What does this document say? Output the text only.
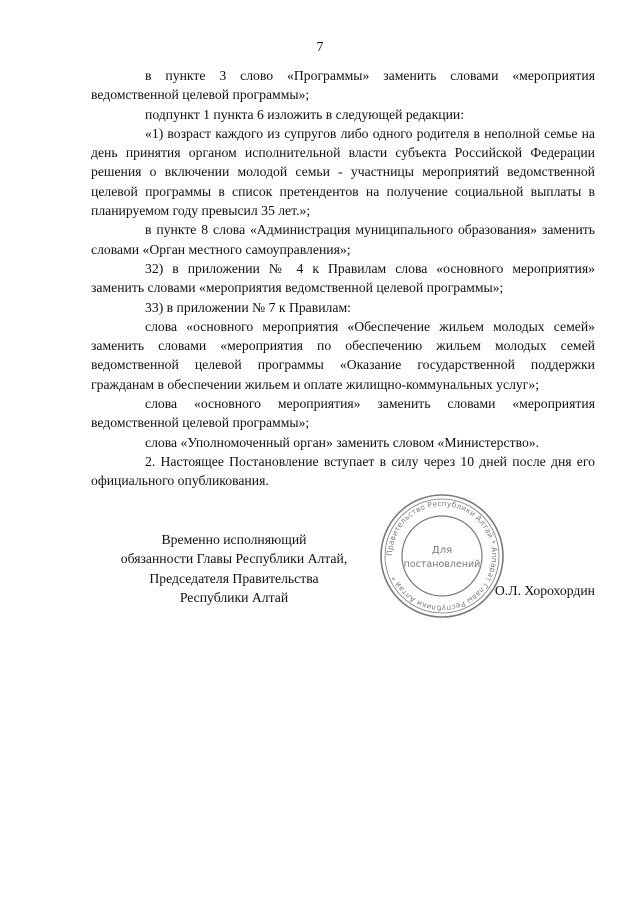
7

в пункте 3 слово «Программы» заменить словами «мероприятия ведомственной целевой программы»;

подпункт 1 пункта 6 изложить в следующей редакции:

«1) возраст каждого из супругов либо одного родителя в неполной семье на день принятия органом исполнительной власти субъекта Российской Федерации решения о включении молодой семьи - участницы мероприятий ведомственной целевой программы в список претендентов на получение социальной выплаты в планируемом году превысил 35 лет.»;

в пункте 8 слова «Администрация муниципального образования» заменить словами «Орган местного самоуправления»;

32) в приложении № 4 к Правилам слова «основного мероприятия» заменить словами «мероприятия ведомственной целевой программы»;

33) в приложении № 7 к Правилам:

слова «основного мероприятия «Обеспечение жильем молодых семей» заменить словами «мероприятия по обеспечению жильем молодых семей ведомственной целевой программы «Оказание государственной поддержки гражданам в обеспечении жильем и оплате жилищно-коммунальных услуг»;

слова «основного мероприятия» заменить словами «мероприятия ведомственной целевой программы»;

слова «Уполномоченный орган» заменить словом «Министерство».

2. Настоящее Постановление вступает в силу через 10 дней после дня его официального опубликования.

Временно исполняющий
обязанности Главы Республики Алтай,
Председателя Правительства
Республики Алтай	О.Л. Хорохордин
Правительство Республики Алтай * Аппарат Главы Республики Алтай *
Для
постановлений
